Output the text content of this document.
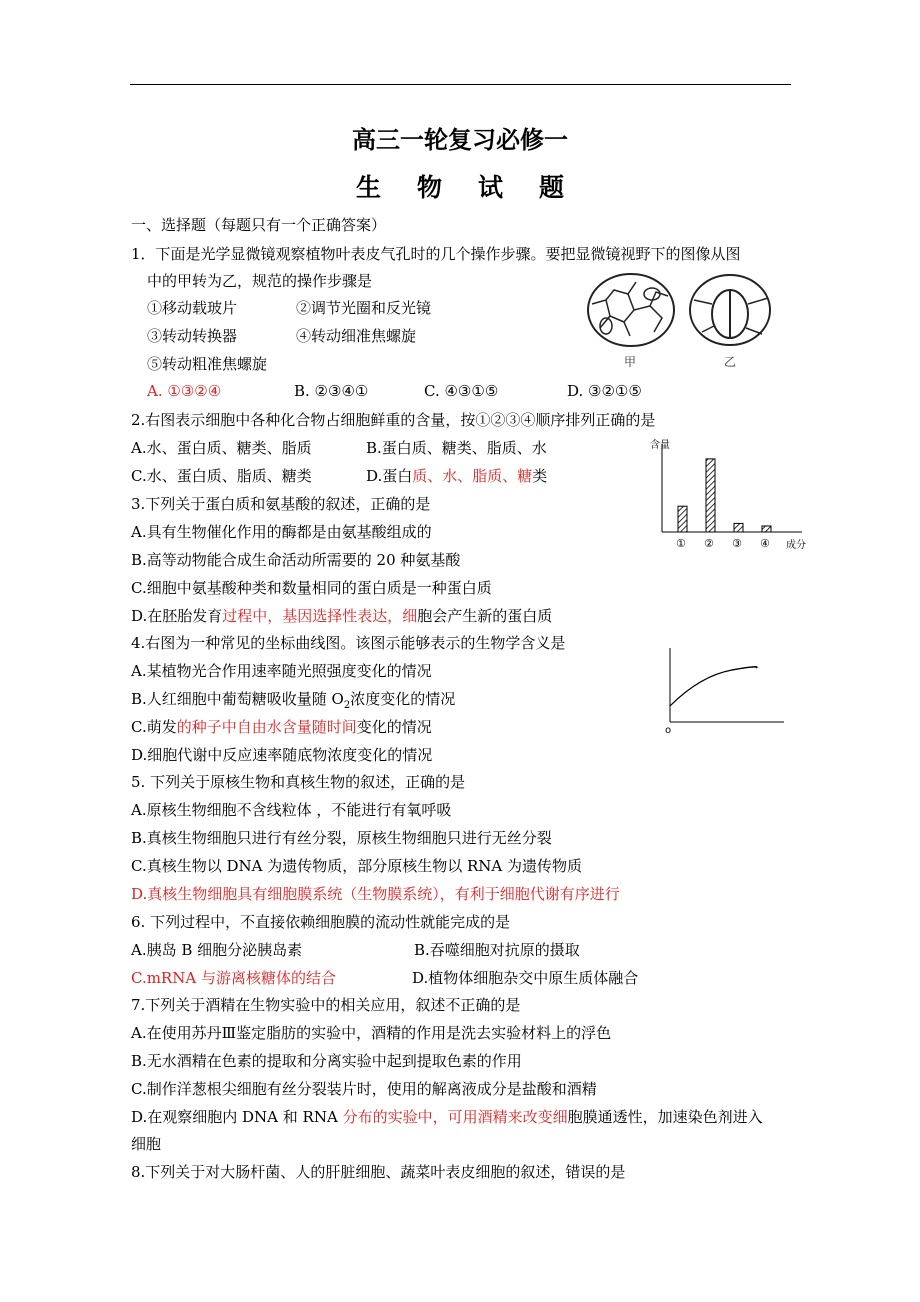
高三一轮复习必修一
生物试题
一、选择题（每题只有一个正确答案）
1．下面是光学显微镜观察植物叶表皮气孔时的几个操作步骤。要把显微镜视野下的图像从图
中的甲转为乙，规范的操作步骤是
①移动载玻片	②调节光圈和反光镜
③转动转换器	④转动细准焦螺旋
⑤转动粗准焦螺旋
A. ①③②④	B. ②③④①	C. ④③①⑤	D. ③②①⑤
甲	乙
2.右图表示细胞中各种化合物占细胞鲜重的含量，按①②③④顺序排列正确的是
A.水、蛋白质、糖类、脂质	B.蛋白质、糖类、脂质、水
C.水、蛋白质、脂质、糖类	D.蛋白质、水、脂质、糖类
含量
① ② ③ ④ 成分
3.下列关于蛋白质和氨基酸的叙述，正确的是
A.具有生物催化作用的酶都是由氨基酸组成的
B.高等动物能合成生命活动所需要的 20 种氨基酸
C.细胞中氨基酸种类和数量相同的蛋白质是一种蛋白质
D.在胚胎发育过程中，基因选择性表达，细胞会产生新的蛋白质
4.右图为一种常见的坐标曲线图。该图示能够表示的生物学含义是
A.某植物光合作用速率随光照强度变化的情况
B.人红细胞中葡萄糖吸收量随 $O_2$浓度变化的情况
C.萌发的种子中自由水含量随时间变化的情况
D.细胞代谢中反应速率随底物浓度变化的情况
o
5. 下列关于原核生物和真核生物的叙述，正确的是
A.原核生物细胞不含线粒体 ，不能进行有氧呼吸
B.真核生物细胞只进行有丝分裂，原核生物细胞只进行无丝分裂
C.真核生物以 DNA 为遗传物质，部分原核生物以 RNA 为遗传物质
D.真核生物细胞具有细胞膜系统（生物膜系统），有利于细胞代谢有序进行
6. 下列过程中，不直接依赖细胞膜的流动性就能完成的是
A.胰岛 B 细胞分泌胰岛素	B.吞噬细胞对抗原的摄取
C.mRNA 与游离核糖体的结合	D.植物体细胞杂交中原生质体融合
7.下列关于酒精在生物实验中的相关应用，叙述不正确的是
A.在使用苏丹Ⅲ鉴定脂肪的实验中，酒精的作用是洗去实验材料上的浮色
B.无水酒精在色素的提取和分离实验中起到提取色素的作用
C.制作洋葱根尖细胞有丝分裂装片时，使用的解离液成分是盐酸和酒精
D.在观察细胞内 DNA 和 RNA 分布的实验中，可用酒精来改变细胞膜通透性，加速染色剂进入
细胞
8.下列关于对大肠杆菌、人的肝脏细胞、蔬菜叶表皮细胞的叙述，错误的是
